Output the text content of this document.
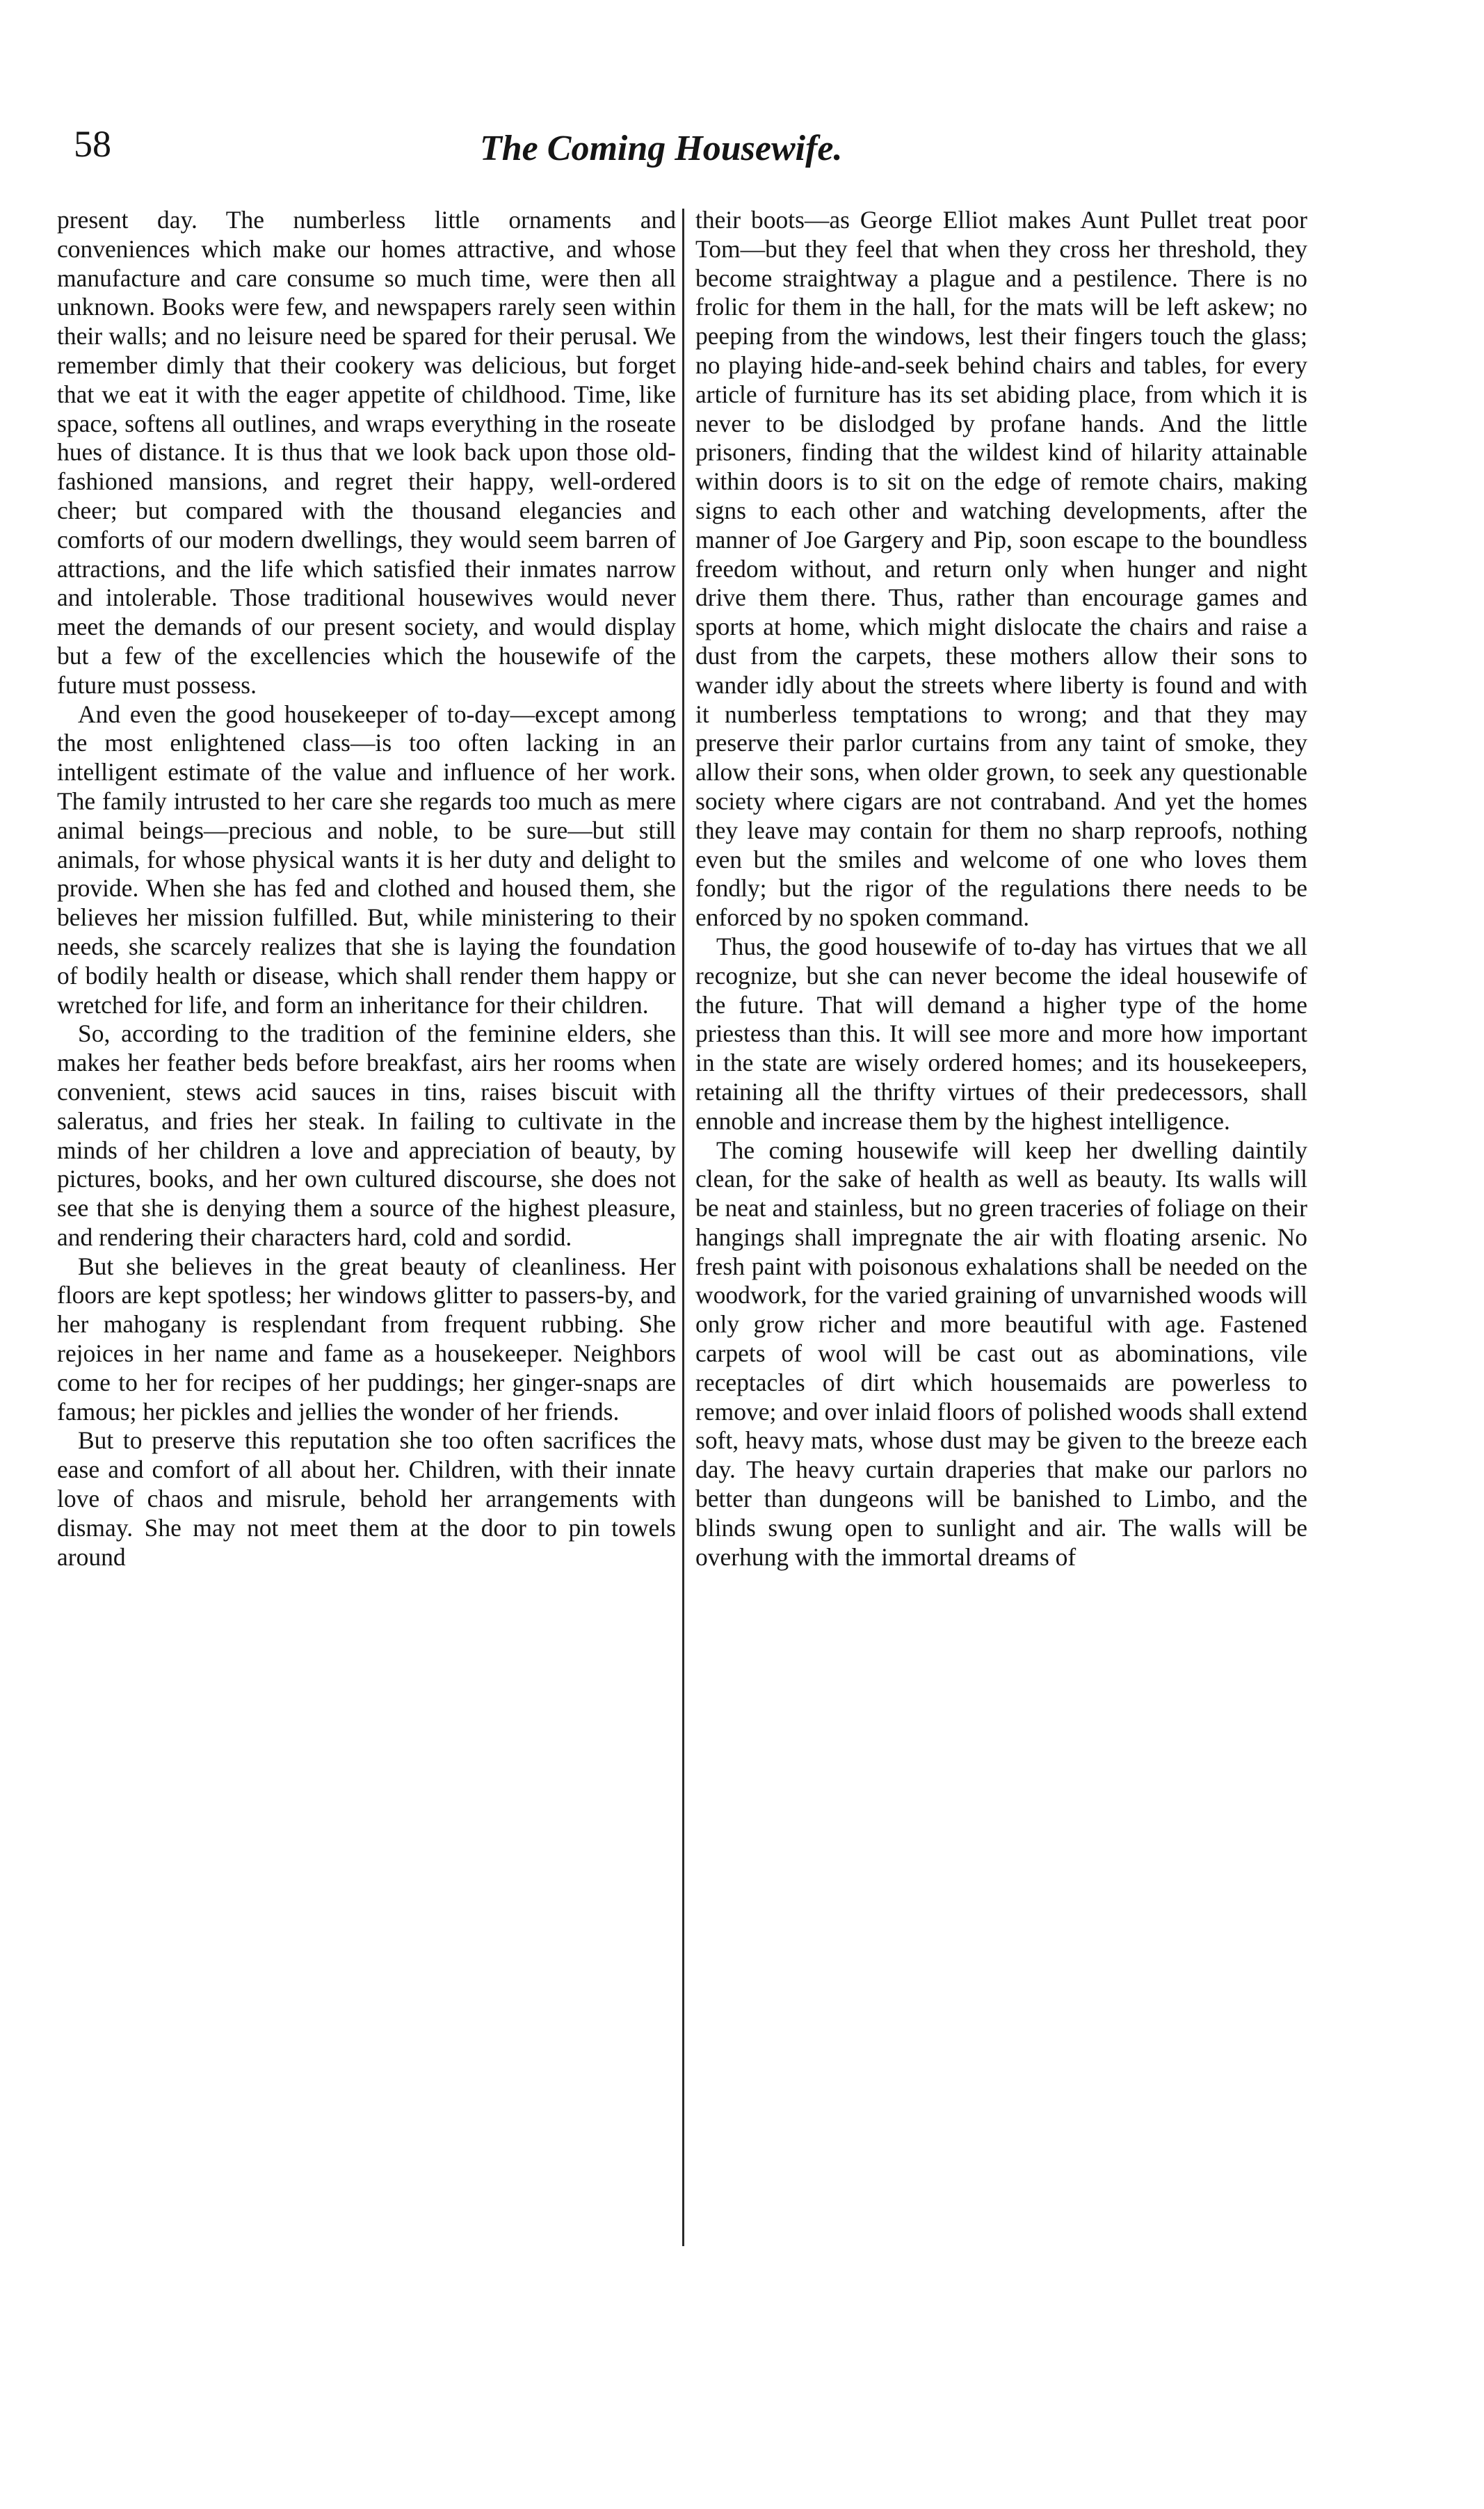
58	The Coming Housewife.

present day. The numberless little ornaments and conveniences which make our homes attractive, and whose manufacture and care consume so much time, were then all unknown. Books were few, and newspapers rarely seen within their walls; and no leisure need be spared for their perusal. We remember dimly that their cookery was delicious, but forget that we eat it with the eager appetite of childhood. Time, like space, softens all outlines, and wraps everything in the roseate hues of distance. It is thus that we look back upon those old-fashioned mansions, and regret their happy, well-ordered cheer; but compared with the thousand elegancies and comforts of our modern dwellings, they would seem barren of attractions, and the life which satisfied their inmates narrow and intolerable. Those traditional housewives would never meet the demands of our present society, and would display but a few of the excellencies which the housewife of the future must possess.

And even the good housekeeper of to-day—except among the most enlightened class—is too often lacking in an intelligent estimate of the value and influence of her work. The family intrusted to her care she regards too much as mere animal beings—precious and noble, to be sure—but still animals, for whose physical wants it is her duty and delight to provide. When she has fed and clothed and housed them, she believes her mission fulfilled. But, while ministering to their needs, she scarcely realizes that she is laying the foundation of bodily health or disease, which shall render them happy or wretched for life, and form an inheritance for their children.

So, according to the tradition of the feminine elders, she makes her feather beds before breakfast, airs her rooms when convenient, stews acid sauces in tins, raises biscuit with saleratus, and fries her steak. In failing to cultivate in the minds of her children a love and appreciation of beauty, by pictures, books, and her own cultured discourse, she does not see that she is denying them a source of the highest pleasure, and rendering their characters hard, cold and sordid.

But she believes in the great beauty of cleanliness. Her floors are kept spotless; her windows glitter to passers-by, and her mahogany is resplendant from frequent rubbing. She rejoices in her name and fame as a housekeeper. Neighbors come to her for recipes of her puddings; her ginger-snaps are famous; her pickles and jellies the wonder of her friends.

But to preserve this reputation she too often sacrifices the ease and comfort of all about her. Children, with their innate love of chaos and misrule, behold her arrangements with dismay. She may not meet them at the door to pin towels around

their boots—as George Elliot makes Aunt Pullet treat poor Tom—but they feel that when they cross her threshold, they become straightway a plague and a pestilence. There is no frolic for them in the hall, for the mats will be left askew; no peeping from the windows, lest their fingers touch the glass; no playing hide-and-seek behind chairs and tables, for every article of furniture has its set abiding place, from which it is never to be dislodged by profane hands. And the little prisoners, finding that the wildest kind of hilarity attainable within doors is to sit on the edge of remote chairs, making signs to each other and watching developments, after the manner of Joe Gargery and Pip, soon escape to the boundless freedom without, and return only when hunger and night drive them there. Thus, rather than encourage games and sports at home, which might dislocate the chairs and raise a dust from the carpets, these mothers allow their sons to wander idly about the streets where liberty is found and with it numberless temptations to wrong; and that they may preserve their parlor curtains from any taint of smoke, they allow their sons, when older grown, to seek any questionable society where cigars are not contraband. And yet the homes they leave may contain for them no sharp reproofs, nothing even but the smiles and welcome of one who loves them fondly; but the rigor of the regulations there needs to be enforced by no spoken command.

Thus, the good housewife of to-day has virtues that we all recognize, but she can never become the ideal housewife of the future. That will demand a higher type of the home priestess than this. It will see more and more how important in the state are wisely ordered homes; and its housekeepers, retaining all the thrifty virtues of their predecessors, shall ennoble and increase them by the highest intelligence.

The coming housewife will keep her dwelling daintily clean, for the sake of health as well as beauty. Its walls will be neat and stainless, but no green traceries of foliage on their hangings shall impregnate the air with floating arsenic. No fresh paint with poisonous exhalations shall be needed on the woodwork, for the varied graining of unvarnished woods will only grow richer and more beautiful with age. Fastened carpets of wool will be cast out as abominations, vile receptacles of dirt which housemaids are powerless to remove; and over inlaid floors of polished woods shall extend soft, heavy mats, whose dust may be given to the breeze each day. The heavy curtain draperies that make our parlors no better than dungeons will be banished to Limbo, and the blinds swung open to sunlight and air. The walls will be overhung with the immortal dreams of
